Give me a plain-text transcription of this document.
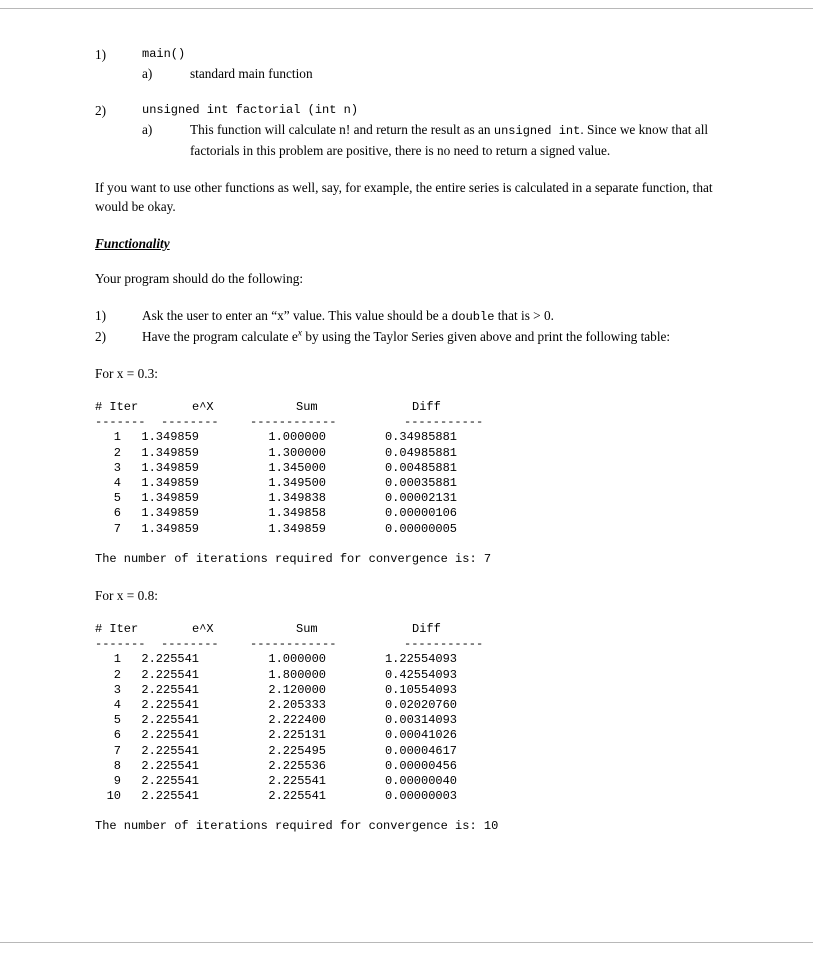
1)	main()
a)	standard main function
2)	unsigned int factorial (int n)
a)	This function will calculate n! and return the result as an unsigned int. Since we know that all factorials in this problem are positive, there is no need to return a signed value.

If you want to use other functions as well, say, for example, the entire series is calculated in a separate function, that would be okay.

Functionality

Your program should do the following:

1)	Ask the user to enter an “x” value. This value should be a double that is > 0.
2)	Have the program calculate $e^x$ by using the Taylor Series given above and print the following table:

For x = 0.3:

# Iter	e^X	Sum	Diff
-------	--------	------------	-----------
1	1.349859	1.000000	0.34985881
2	1.349859	1.300000	0.04985881
3	1.349859	1.345000	0.00485881
4	1.349859	1.349500	0.00035881
5	1.349859	1.349838	0.00002131
6	1.349859	1.349858	0.00000106
7	1.349859	1.349859	0.00000005

The number of iterations required for convergence is: 7

For x = 0.8:

# Iter	e^X	Sum	Diff
-------	--------	------------	-----------
1	2.225541	1.000000	1.22554093
2	2.225541	1.800000	0.42554093
3	2.225541	2.120000	0.10554093
4	2.225541	2.205333	0.02020760
5	2.225541	2.222400	0.00314093
6	2.225541	2.225131	0.00041026
7	2.225541	2.225495	0.00004617
8	2.225541	2.225536	0.00000456
9	2.225541	2.225541	0.00000040
10	2.225541	2.225541	0.00000003

The number of iterations required for convergence is: 10
